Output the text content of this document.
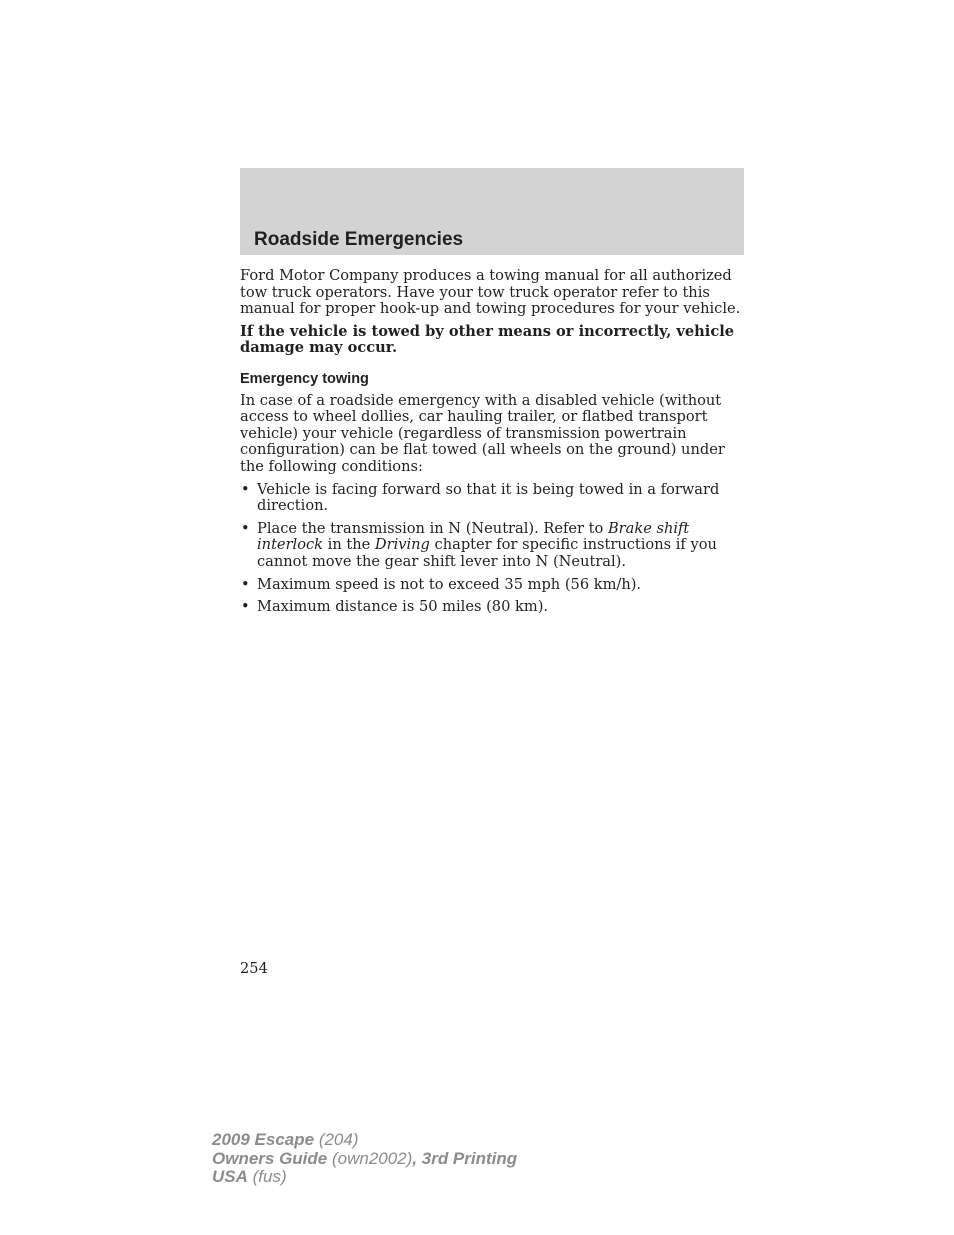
Roadside Emergencies

Ford Motor Company produces a towing manual for all authorized tow truck operators. Have your tow truck operator refer to this manual for proper hook-up and towing procedures for your vehicle.

If the vehicle is towed by other means or incorrectly, vehicle damage may occur.

Emergency towing

In case of a roadside emergency with a disabled vehicle (without access to wheel dollies, car hauling trailer, or flatbed transport vehicle) your vehicle (regardless of transmission powertrain configuration) can be flat towed (all wheels on the ground) under the following conditions:

• Vehicle is facing forward so that it is being towed in a forward direction.
• Place the transmission in N (Neutral). Refer to Brake shift interlock in the Driving chapter for specific instructions if you cannot move the gear shift lever into N (Neutral).
• Maximum speed is not to exceed 35 mph (56 km/h).
• Maximum distance is 50 miles (80 km).
254
2009 Escape (204)
Owners Guide (own2002), 3rd Printing
USA (fus)
